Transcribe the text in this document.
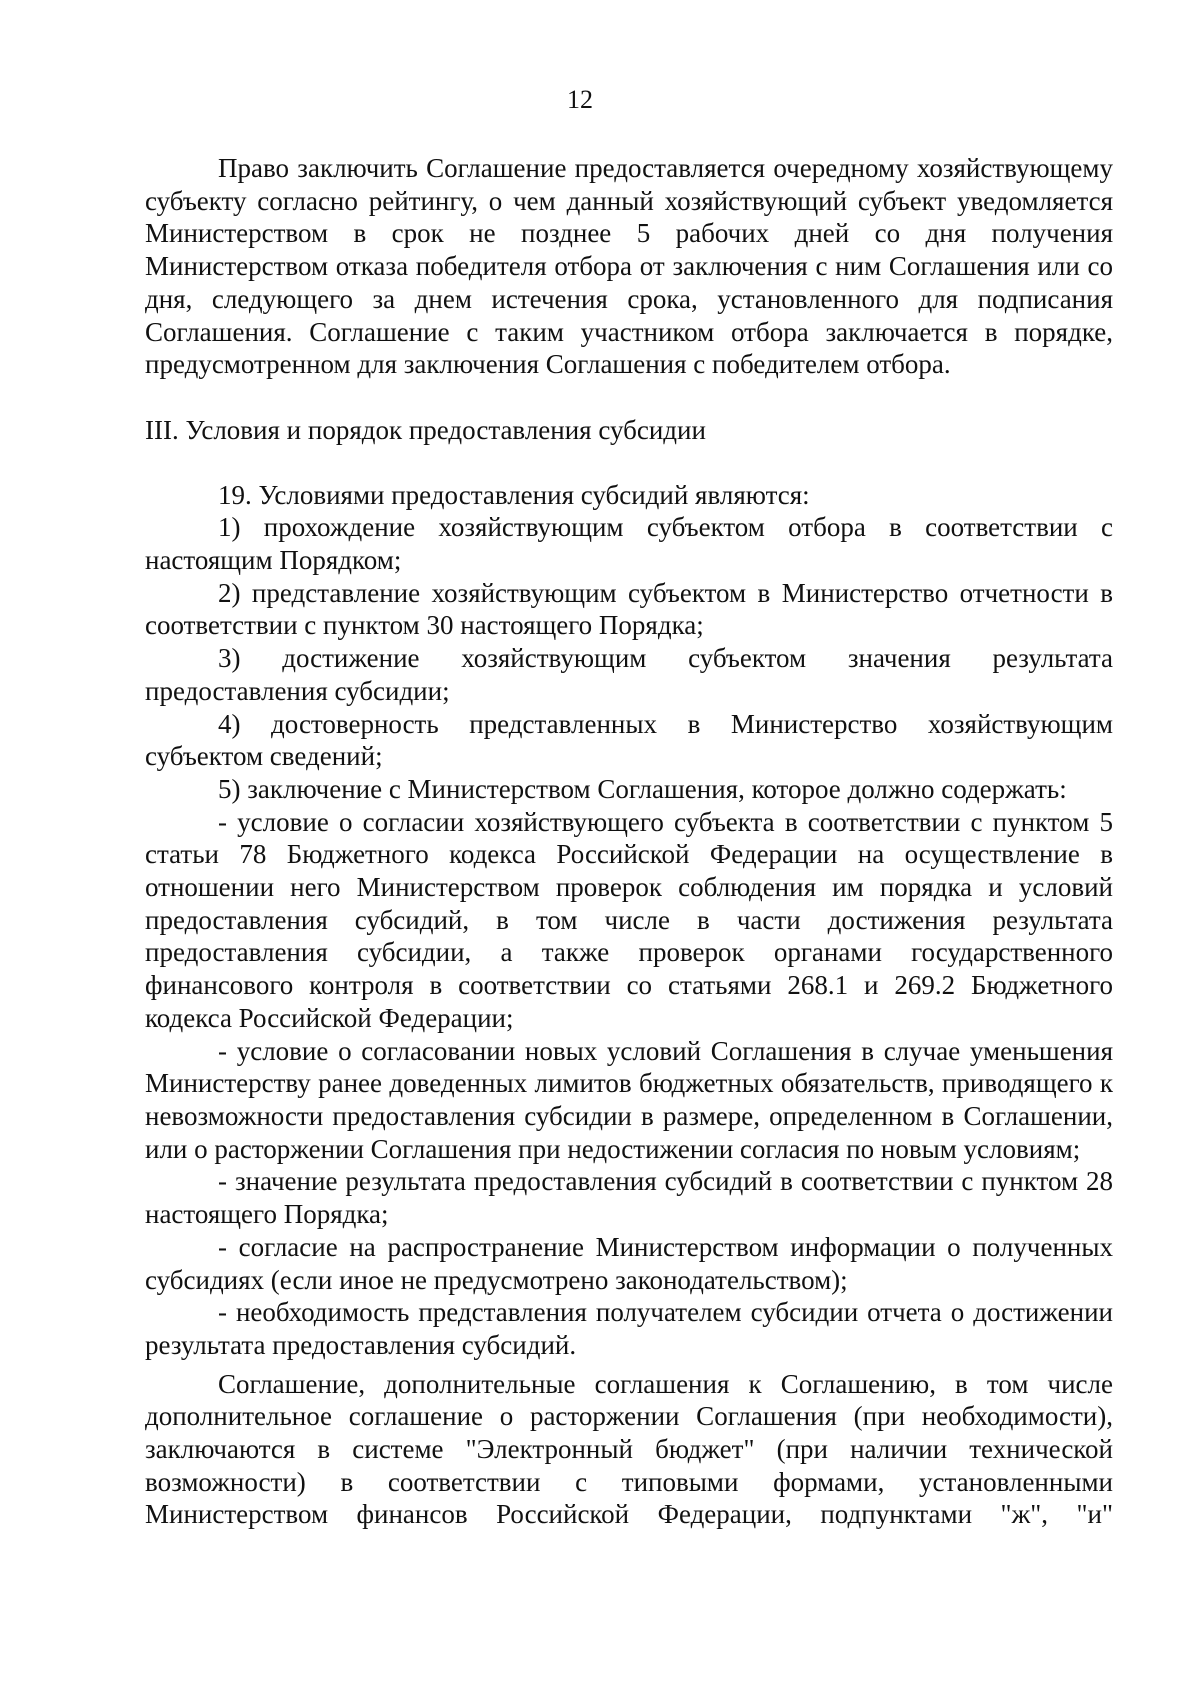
12

Право заключить Соглашение предоставляется очередному хозяйствующему субъекту согласно рейтингу, о чем данный хозяйствующий субъект уведомляется Министерством в срок не позднее 5 рабочих дней со дня получения Министерством отказа победителя отбора от заключения с ним Соглашения или со дня, следующего за днем истечения срока, установленного для подписания Соглашения. Соглашение с таким участником отбора заключается в порядке, предусмотренном для заключения Соглашения с победителем отбора.

III. Условия и порядок предоставления субсидии

19. Условиями предоставления субсидий являются:

1) прохождение хозяйствующим субъектом отбора в соответствии с настоящим Порядком;

2) представление хозяйствующим субъектом в Министерство отчетности в соответствии с пунктом 30 настоящего Порядка;

3) достижение хозяйствующим субъектом значения результата предоставления субсидии;

4) достоверность представленных в Министерство хозяйствующим субъектом сведений;

5) заключение с Министерством Соглашения, которое должно содержать:

- условие о согласии хозяйствующего субъекта в соответствии с пунктом 5 статьи 78 Бюджетного кодекса Российской Федерации на осуществление в отношении него Министерством проверок соблюдения им порядка и условий предоставления субсидий, в том числе в части достижения результата предоставления субсидии, а также проверок органами государственного финансового контроля в соответствии со статьями 268.1 и 269.2 Бюджетного кодекса Российской Федерации;

- условие о согласовании новых условий Соглашения в случае уменьшения Министерству ранее доведенных лимитов бюджетных обязательств, приводящего к невозможности предоставления субсидии в размере, определенном в Соглашении, или о расторжении Соглашения при недостижении согласия по новым условиям;

- значение результата предоставления субсидий в соответствии с пунктом 28 настоящего Порядка;

- согласие на распространение Министерством информации о полученных субсидиях (если иное не предусмотрено законодательством);

- необходимость представления получателем субсидии отчета о достижении результата предоставления субсидий.

Соглашение, дополнительные соглашения к Соглашению, в том числе дополнительное соглашение о расторжении Соглашения (при необходимости), заключаются в системе "Электронный бюджет" (при наличии технической возможности) в соответствии с типовыми формами, установленными Министерством финансов Российской Федерации, подпунктами "ж", "и"
